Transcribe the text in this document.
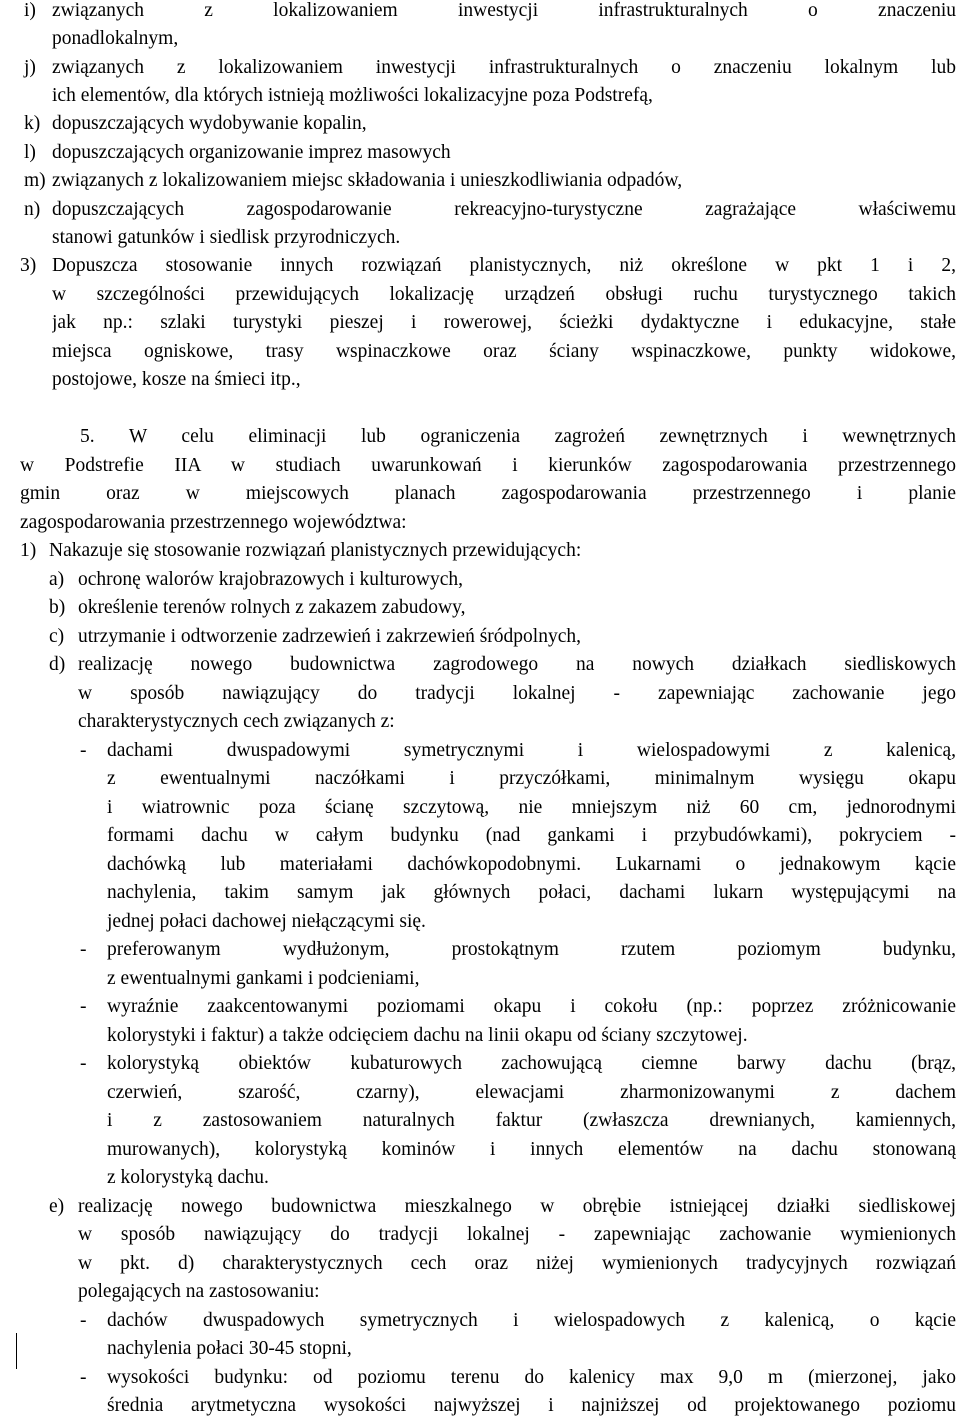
i) związanych z lokalizowaniem inwestycji infrastrukturalnych o znaczeniu
ponadlokalnym,
j) związanych z lokalizowaniem inwestycji infrastrukturalnych o znaczeniu lokalnym lub
ich elementów, dla których istnieją możliwości lokalizacyjne poza Podstrefą,
k) dopuszczających wydobywanie kopalin,
l) dopuszczających organizowanie imprez masowych
m) związanych z lokalizowaniem miejsc składowania i unieszkodliwiania odpadów,
n) dopuszczających zagospodarowanie rekreacyjno-turystyczne zagrażające właściwemu
stanowi gatunków i siedlisk przyrodniczych.
3) Dopuszcza stosowanie innych rozwiązań planistycznych, niż określone w pkt 1 i 2,
w szczególności przewidujących lokalizację urządzeń obsługi ruchu turystycznego takich
jak np.: szlaki turystyki pieszej i rowerowej, ścieżki dydaktyczne i edukacyjne, stałe
miejsca ogniskowe, trasy wspinaczkowe oraz ściany wspinaczkowe, punkty widokowe,
postojowe, kosze na śmieci itp.,
5. W celu eliminacji lub ograniczenia zagrożeń zewnętrznych i wewnętrznych
w Podstrefie IIA w studiach uwarunkowań i kierunków zagospodarowania przestrzennego
gmin oraz w miejscowych planach zagospodarowania przestrzennego i planie
zagospodarowania przestrzennego województwa:
1) Nakazuje się stosowanie rozwiązań planistycznych przewidujących:
a) ochronę walorów krajobrazowych i kulturowych,
b) określenie terenów rolnych z zakazem zabudowy,
c) utrzymanie i odtworzenie zadrzewień i zakrzewień śródpolnych,
d) realizację nowego budownictwa zagrodowego na nowych działkach siedliskowych
w sposób nawiązujący do tradycji lokalnej - zapewniając zachowanie jego
charakterystycznych cech związanych z:
- dachami dwuspadowymi symetrycznymi i wielospadowymi z kalenicą,
z ewentualnymi naczółkami i przyczółkami, minimalnym wysięgu okapu
i wiatrownic poza ścianę szczytową, nie mniejszym niż 60 cm, jednorodnymi
formami dachu w całym budynku (nad gankami i przybudówkami), pokryciem -
dachówką lub materiałami dachówkopodobnymi. Lukarnami o jednakowym kącie
nachylenia, takim samym jak głównych połaci, dachami lukarn występującymi na
jednej połaci dachowej niełączącymi się.
- preferowanym wydłużonym, prostokątnym rzutem poziomym budynku,
z ewentualnymi gankami i podcieniami,
- wyraźnie zaakcentowanymi poziomami okapu i cokołu (np.: poprzez zróżnicowanie
kolorystyki i faktur) a także odcięciem dachu na linii okapu od ściany szczytowej.
- kolorystyką obiektów kubaturowych zachowującą ciemne barwy dachu (brąz,
czerwień, szarość, czarny), elewacjami zharmonizowanymi z dachem
i z zastosowaniem naturalnych faktur (zwłaszcza drewnianych, kamiennych,
murowanych), kolorystyką kominów i innych elementów na dachu stonowaną
z kolorystyką dachu.
e) realizację nowego budownictwa mieszkalnego w obrębie istniejącej działki siedliskowej
w sposób nawiązujący do tradycji lokalnej - zapewniając zachowanie wymienionych
w pkt. d) charakterystycznych cech oraz niżej wymienionych tradycyjnych rozwiązań
polegających na zastosowaniu:
- dachów dwuspadowych symetrycznych i wielospadowych z kalenicą, o kącie
nachylenia połaci 30-45 stopni,
- wysokości budynku: od poziomu terenu do kalenicy max 9,0 m (mierzonej, jako
średnia arytmetyczna wysokości najwyższej i najniższej od projektowanego poziomu
